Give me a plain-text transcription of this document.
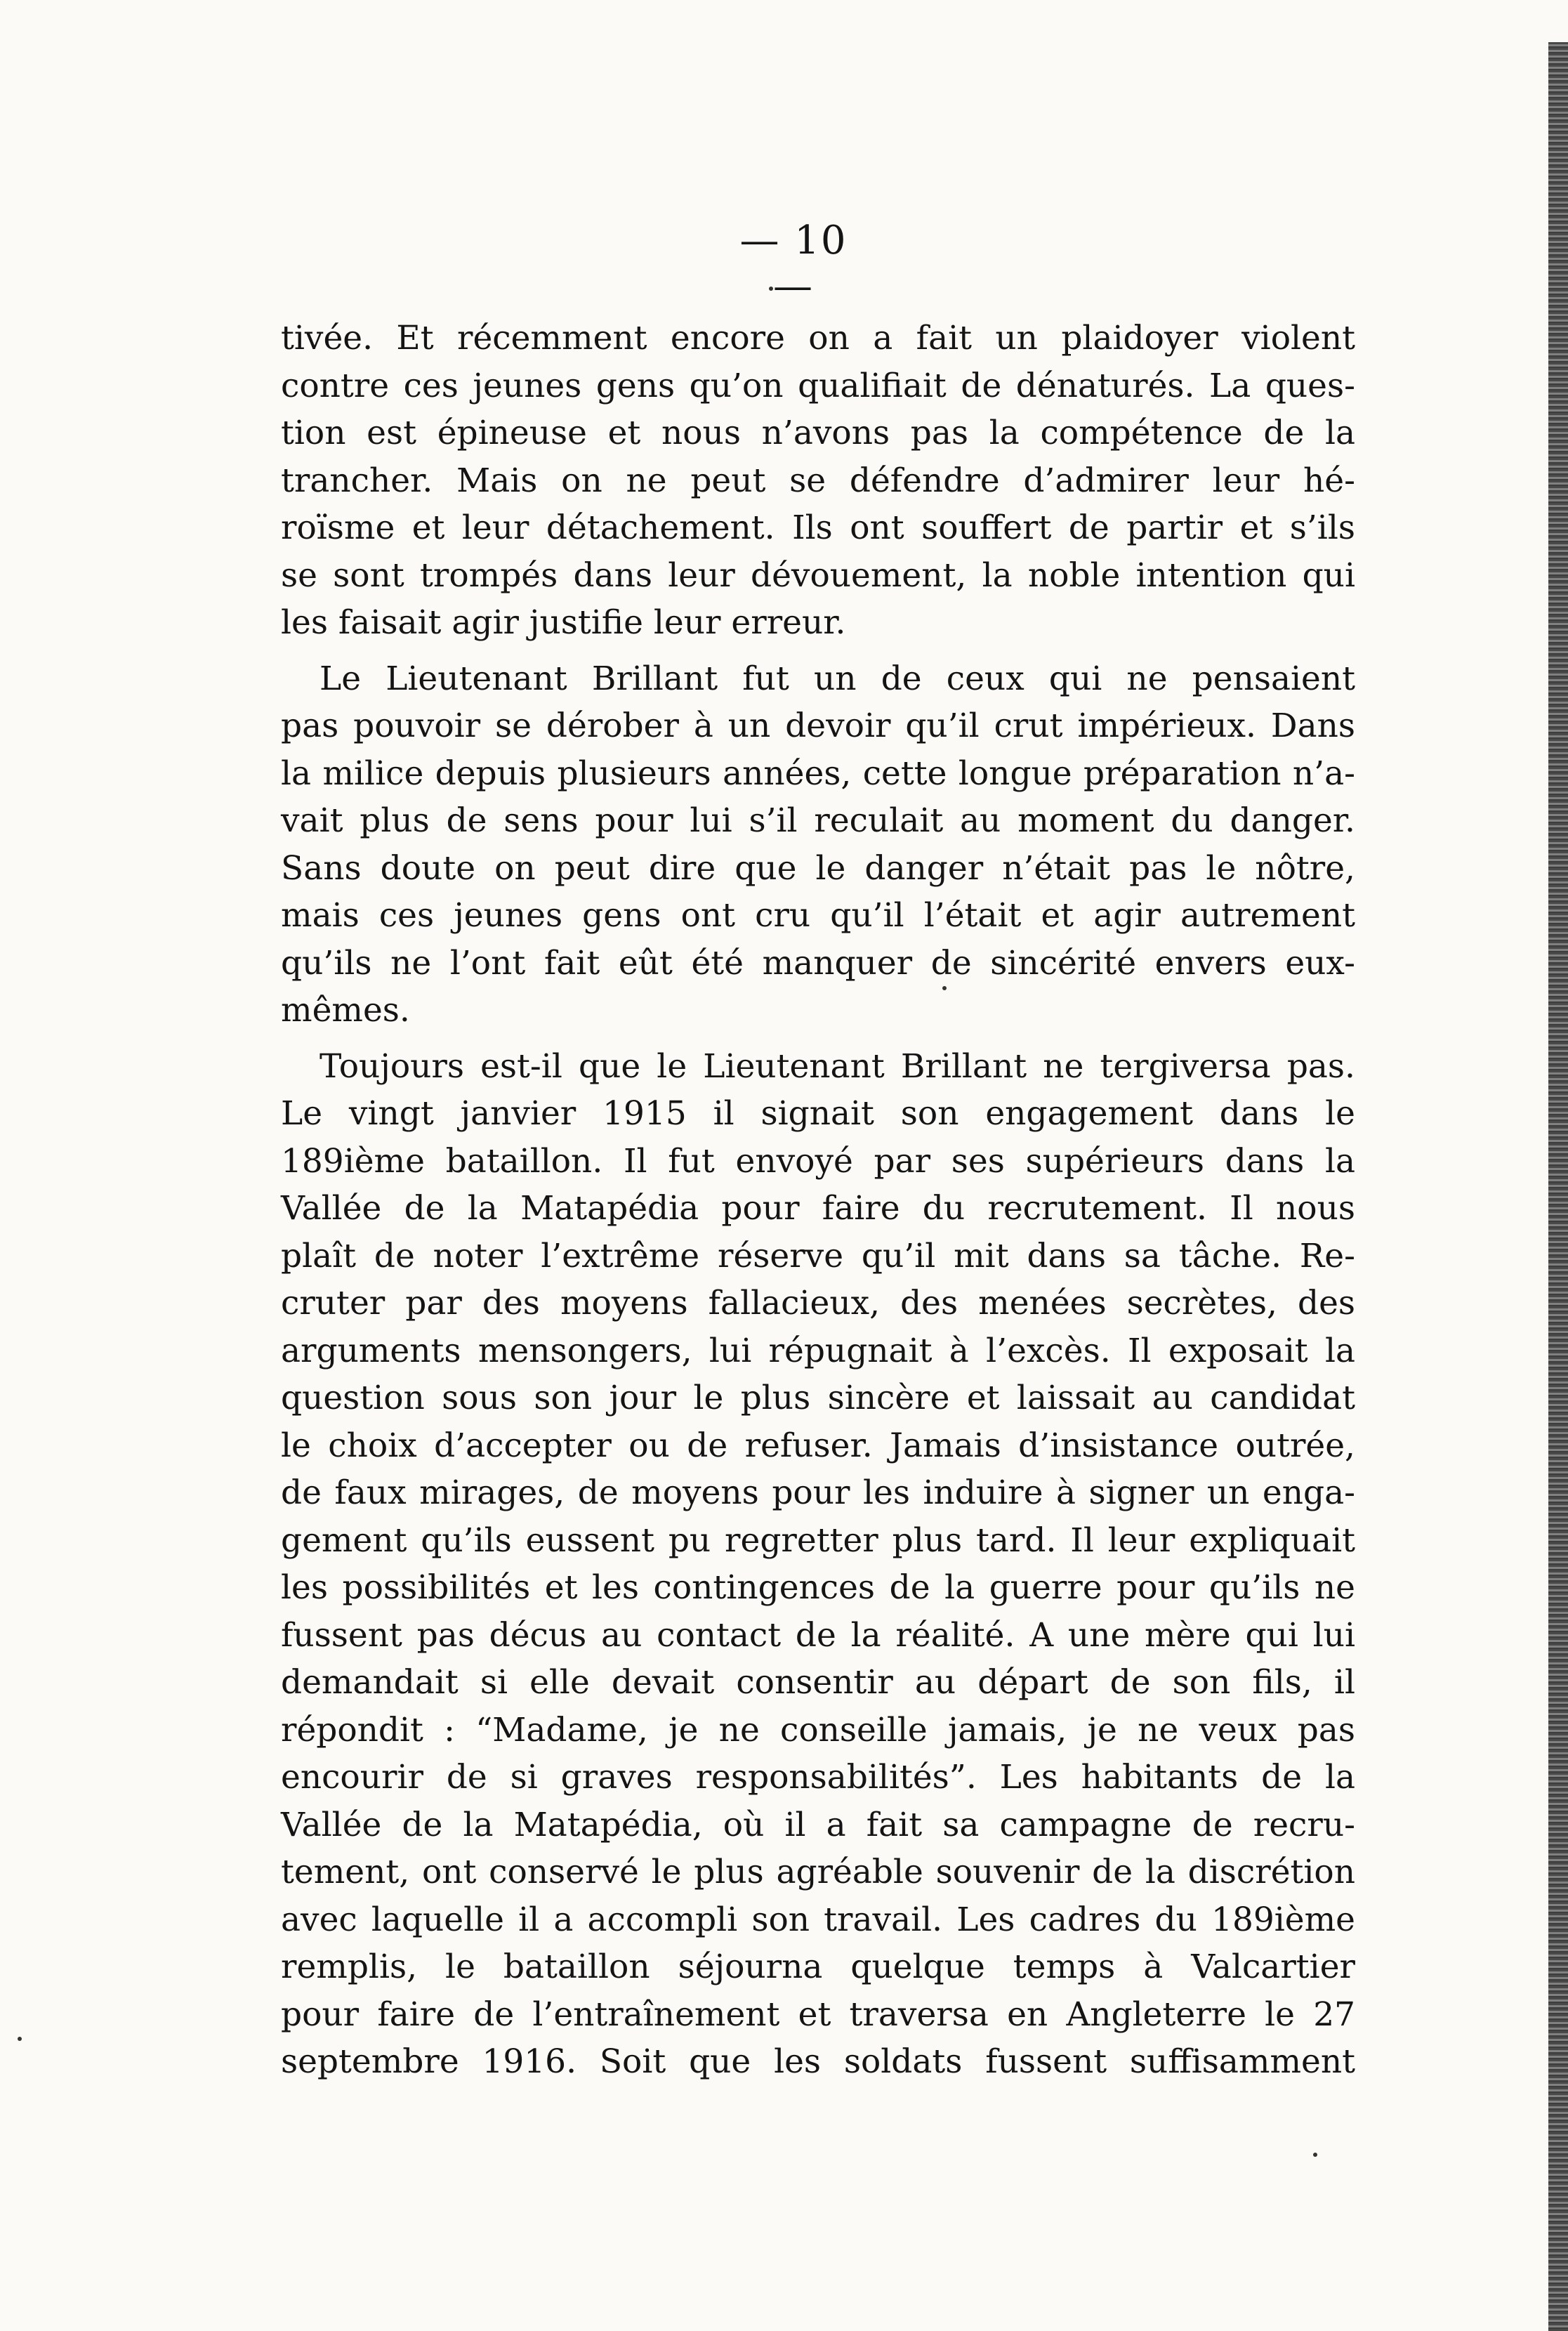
— 10 —
tivée. Et récemment encore on a fait un plaidoyer violent
contre ces jeunes gens qu’on qualifiait de dénaturés. La ques-
tion est épineuse et nous n’avons pas la compétence de la
trancher. Mais on ne peut se défendre d’admirer leur hé-
roïsme et leur détachement. Ils ont souffert de partir et s’ils
se sont trompés dans leur dévouement, la noble intention qui
les faisait agir justifie leur erreur.
Le Lieutenant Brillant fut un de ceux qui ne pensaient
pas pouvoir se dérober à un devoir qu’il crut impérieux. Dans
la milice depuis plusieurs années, cette longue préparation n’a-
vait plus de sens pour lui s’il reculait au moment du danger.
Sans doute on peut dire que le danger n’était pas le nôtre,
mais ces jeunes gens ont cru qu’il l’était et agir autrement
qu’ils ne l’ont fait eût été manquer de sincérité envers eux-
mêmes.
Toujours est-il que le Lieutenant Brillant ne tergiversa pas.
Le vingt janvier 1915 il signait son engagement dans le
189ième bataillon. Il fut envoyé par ses supérieurs dans la
Vallée de la Matapédia pour faire du recrutement. Il nous
plaît de noter l’extrême réserve qu’il mit dans sa tâche. Re-
cruter par des moyens fallacieux, des menées secrètes, des
arguments mensongers, lui répugnait à l’excès. Il exposait la
question sous son jour le plus sincère et laissait au candidat
le choix d’accepter ou de refuser. Jamais d’insistance outrée,
de faux mirages, de moyens pour les induire à signer un enga-
gement qu’ils eussent pu regretter plus tard. Il leur expliquait
les possibilités et les contingences de la guerre pour qu’ils ne
fussent pas décus au contact de la réalité. A une mère qui lui
demandait si elle devait consentir au départ de son fils, il
répondit : “Madame, je ne conseille jamais, je ne veux pas
encourir de si graves responsabilités”. Les habitants de la
Vallée de la Matapédia, où il a fait sa campagne de recru-
tement, ont conservé le plus agréable souvenir de la discrétion
avec laquelle il a accompli son travail. Les cadres du 189ième
remplis, le bataillon séjourna quelque temps à Valcartier
pour faire de l’entraînement et traversa en Angleterre le 27
septembre 1916. Soit que les soldats fussent suffisamment
